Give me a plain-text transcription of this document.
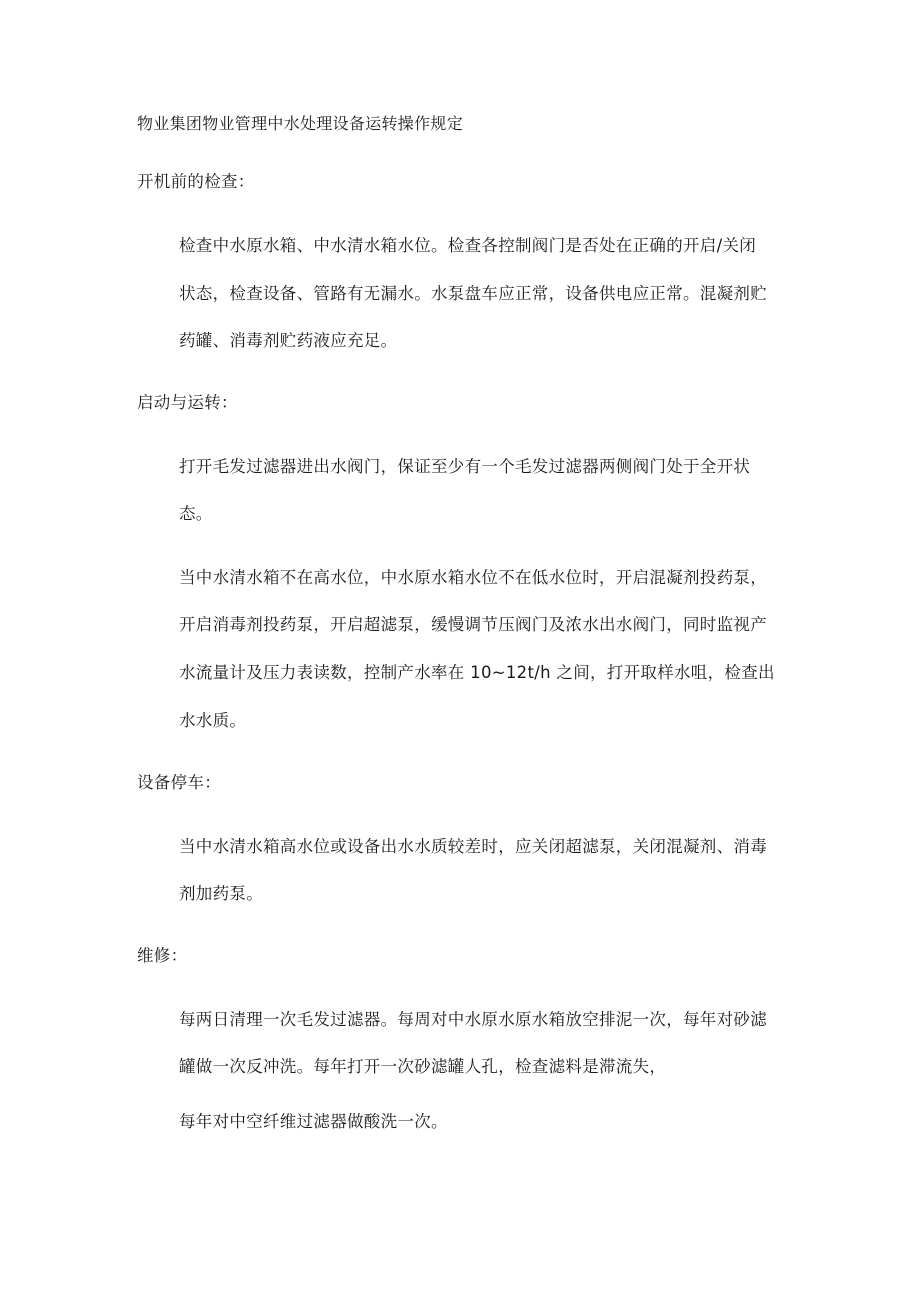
物业集团物业管理中水处理设备运转操作规定
开机前的检查：
检查中水原水箱、中水清水箱水位。检查各控制阀门是否处在正确的开启/关闭
状态，检查设备、管路有无漏水。水泵盘车应正常，设备供电应正常。混凝剂贮
药罐、消毒剂贮药液应充足。
启动与运转：
打开毛发过滤器进出水阀门，保证至少有一个毛发过滤器两侧阀门处于全开状
态。
当中水清水箱不在高水位，中水原水箱水位不在低水位时，开启混凝剂投药泵，
开启消毒剂投药泵，开启超滤泵，缓慢调节压阀门及浓水出水阀门，同时监视产
水流量计及压力表读数，控制产水率在 10~12t/h 之间，打开取样水咀，检查出
水水质。
设备停车：
当中水清水箱高水位或设备出水水质较差时，应关闭超滤泵，关闭混凝剂、消毒
剂加药泵。
维修：
每两日清理一次毛发过滤器。每周对中水原水原水箱放空排泥一次，每年对砂滤
罐做一次反冲洗。每年打开一次砂滤罐人孔，检查滤料是滞流失，
每年对中空纤维过滤器做酸洗一次。
